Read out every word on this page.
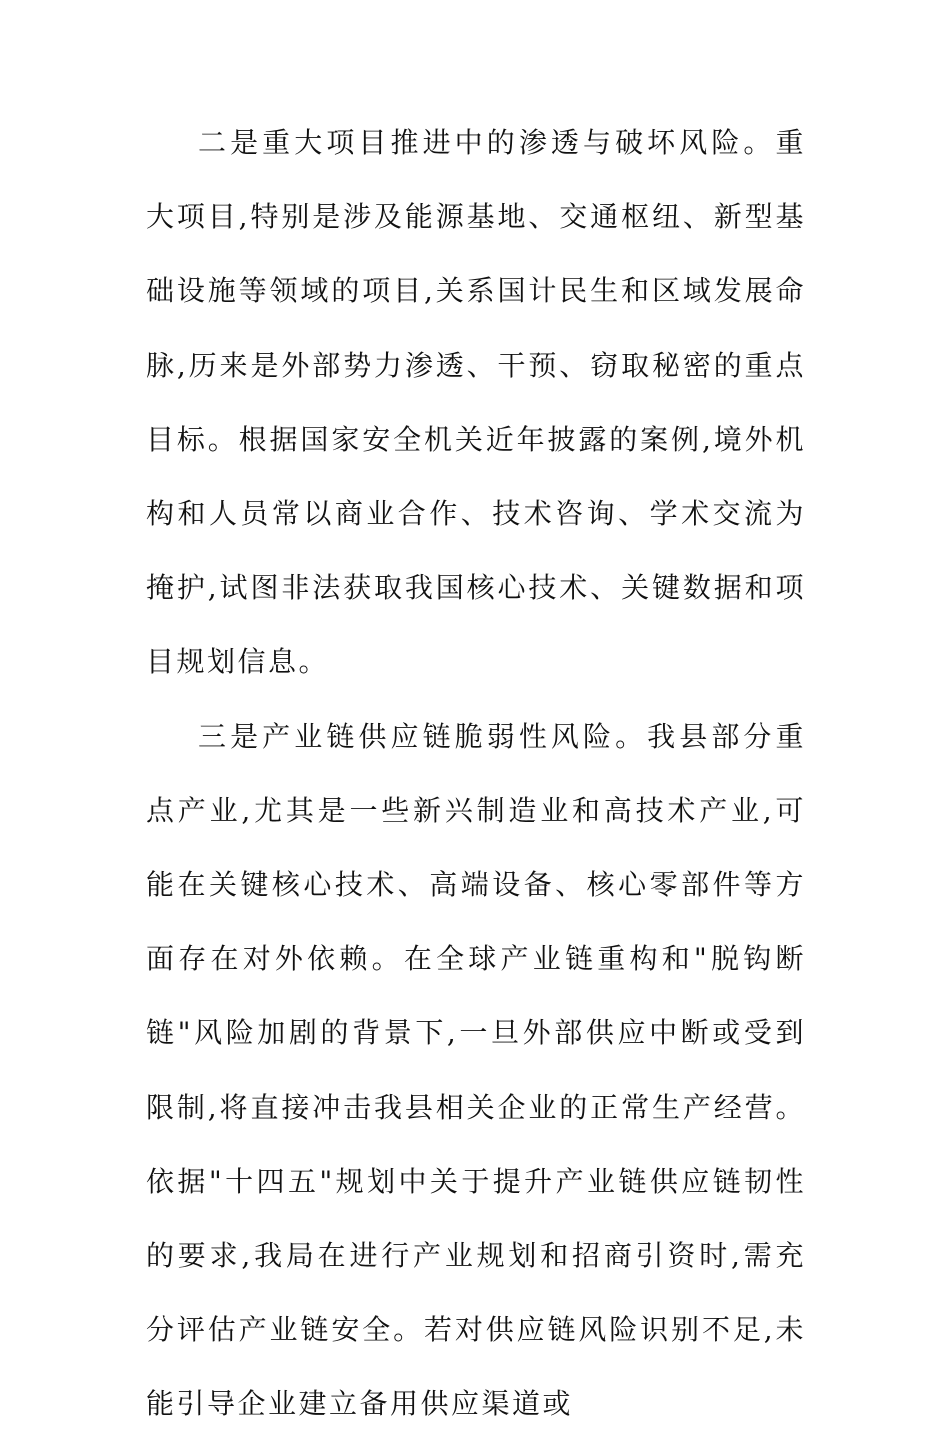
二是重大项目推进中的渗透与破坏风险。重大项目,特别是涉及能源基地、交通枢纽、新型基础设施等领域的项目,关系国计民生和区域发展命脉,历来是外部势力渗透、干预、窃取秘密的重点目标。根据国家安全机关近年披露的案例,境外机构和人员常以商业合作、技术咨询、学术交流为掩护,试图非法获取我国核心技术、关键数据和项目规划信息。

三是产业链供应链脆弱性风险。我县部分重点产业,尤其是一些新兴制造业和高技术产业,可能在关键核心技术、高端设备、核心零部件等方面存在对外依赖。在全球产业链重构和"脱钩断链"风险加剧的背景下,一旦外部供应中断或受到限制,将直接冲击我县相关企业的正常生产经营。依据"十四五"规划中关于提升产业链供应链韧性的要求,我局在进行产业规划和招商引资时,需充分评估产业链安全。若对供应链风险识别不足,未能引导企业建立备用供应渠道或
